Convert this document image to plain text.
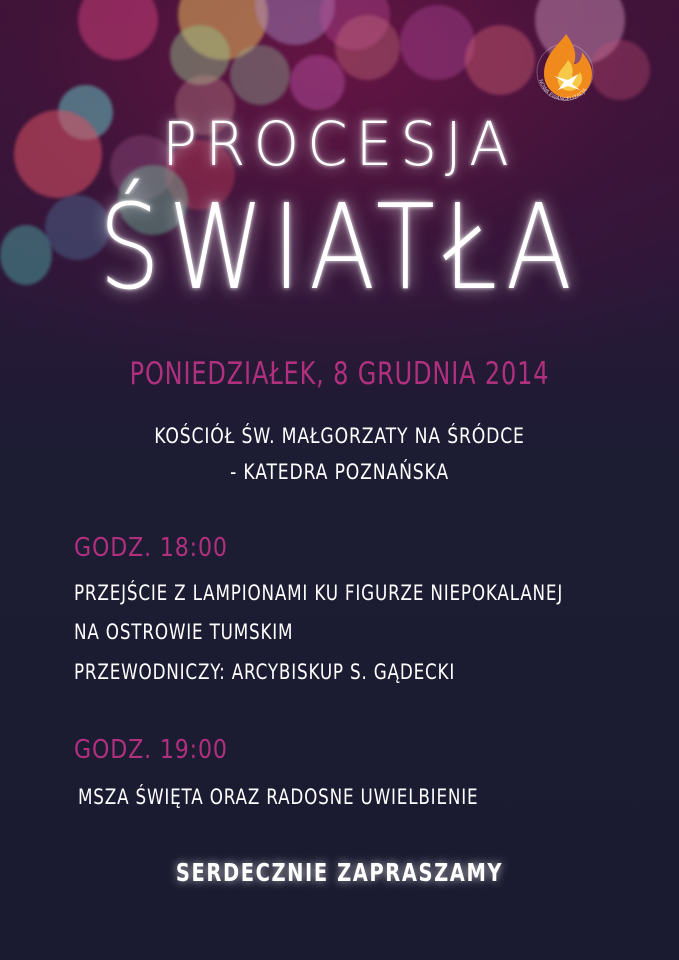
NOWA EWANGELIZACJA
PROCESJA
ŚWIATŁA
PONIEDZIAŁEK, 8 GRUDNIA 2014
KOŚCIÓŁ ŚW. MAŁGORZATY NA ŚRÓDCE
- KATEDRA POZNAŃSKA
GODZ. 18:00
PRZEJŚCIE Z LAMPIONAMI KU FIGURZE NIEPOKALANEJ
NA OSTROWIE TUMSKIM
PRZEWODNICZY: ARCYBISKUP S. GĄDECKI
GODZ. 19:00
MSZA ŚWIĘTA ORAZ RADOSNE UWIELBIENIE
SERDECZNIE ZAPRASZAMY
